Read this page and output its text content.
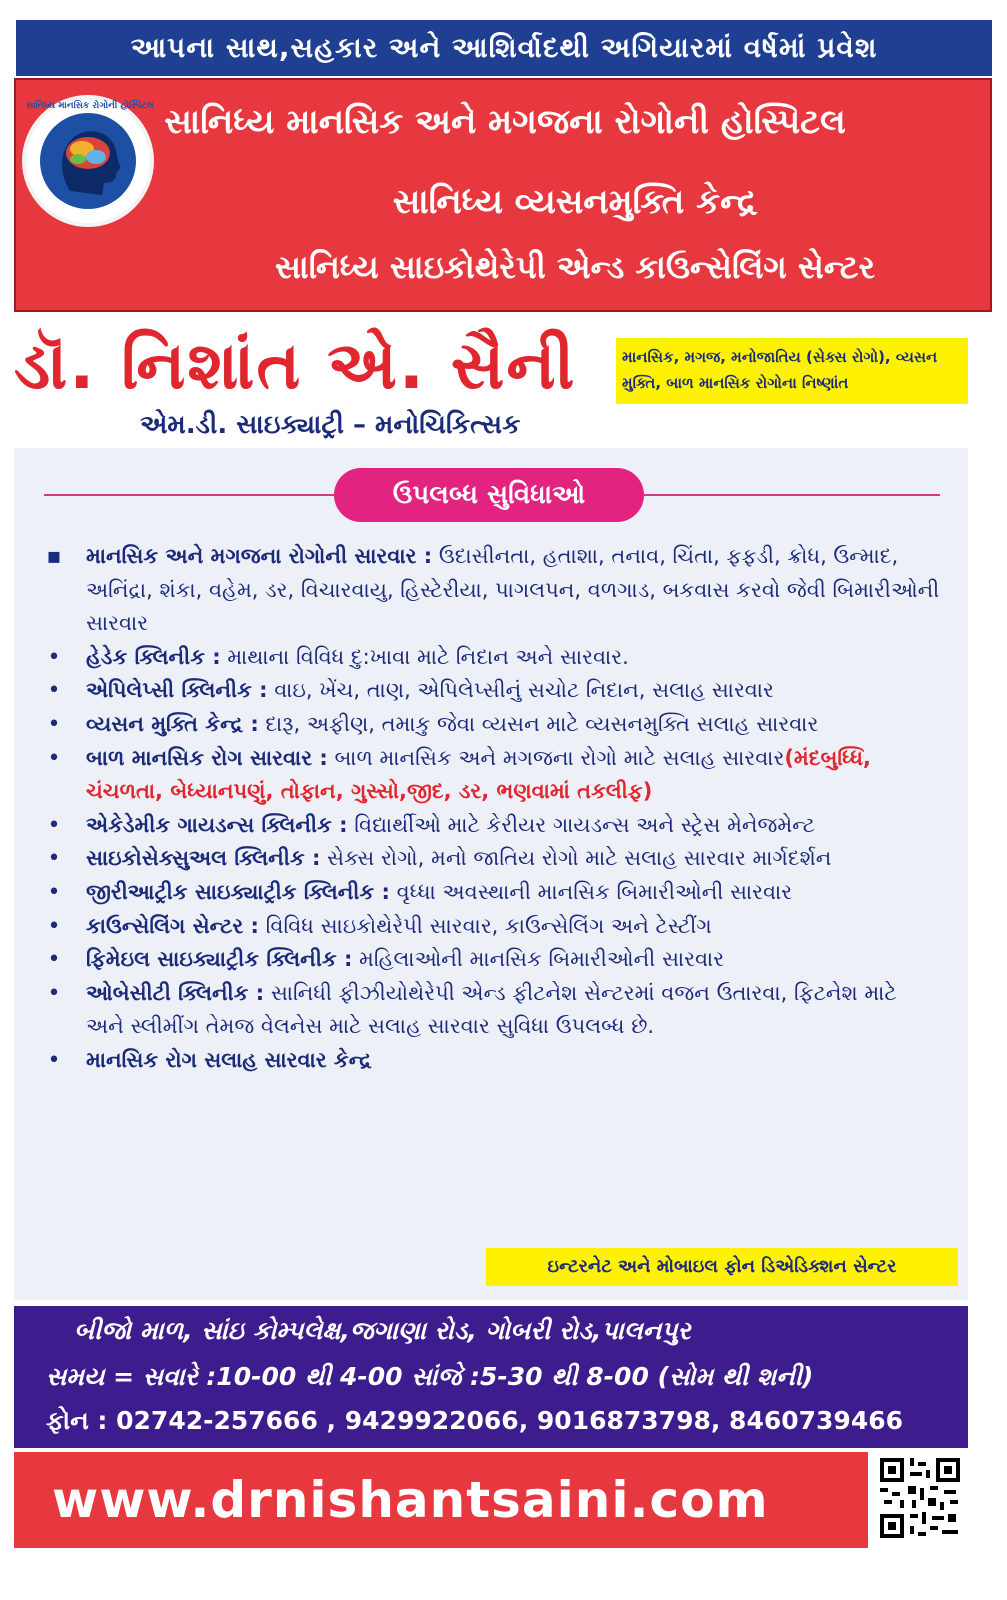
આપના સાથ,સહકાર અને આશિર્વાદથી અગિયારમાં વર્ષમાં પ્રવેશ
સાનિધ્ય માનસિક અને મગજના રોગોની હોસ્પિટલ
સાનિધ્ય વ્યસનમુક્તિ કેન્દ્ર
સાનિધ્ય સાઇકોથેરેપી એન્ડ કાઉન્સેલિંગ સેન્ટર
સાનિધ્ય માનસિક રોગોની હોસ્પિટલ
ડૉ. નિશાંત એ. સૈની	માનસિક, મગજ, મનોજાતિય (સેક્સ રોગો), વ્યસન મુક્તિ, બાળ માનસિક રોગોના નિષ્ણાંત
એમ.ડી. સાઇક્યાટ્રી – મનોચિકિત્સક
ઉપલબ્ધ સુવિધાઓ
▪ માનસિક અને મગજના રોગોની સારવાર : ઉદાસીનતા, હતાશા, તનાવ, ચિંતા, ફફડી, ક્રોધ, ઉન્માદ, અનિંદ્રા, શંકા, વહેમ, ડર, વિચારવાયુ, હિસ્ટેરીયા, પાગલપન, વળગાડ, બકવાસ કરવો જેવી બિમારીઓની સારવાર
• હેડેક ક્લિનીક : માથાના વિવિધ દુ:ખાવા માટે નિદાન અને સારવાર.
• એપિલેપ્સી ક્લિનીક : વાઇ, ખેંચ, તાણ, એપિલેપ્સીનું સચોટ નિદાન, સલાહ સારવાર
• વ્યસન મુક્તિ કેન્દ્ર : દારૂ, અફીણ, તમાકુ જેવા વ્યસન માટે વ્યસનમુક્તિ સલાહ સારવાર
• બાળ માનસિક રોગ સારવાર : બાળ માનસિક અને મગજના રોગો માટે સલાહ સારવાર(મંદબુધ્ધિ, ચંચળતા, બેધ્યાનપણું, તોફાન, ગુસ્સો,જીદ, ડર, ભણવામાં તકલીફ)
• એકેડેમીક ગાયડન્સ ક્લિનીક : વિદ્યાર્થીઓ માટે કેરીયર ગાયડન્સ અને સ્ટ્રેસ મેનેજમેન્ટ
• સાઇકોસેક્સુઅલ ક્લિનીક : સેક્સ રોગો, મનો જાતિય રોગો માટે સલાહ સારવાર માર્ગદર્શન
• જીરીઆટ્રીક સાઇક્યાટ્રીક ક્લિનીક : વૃધ્ધા અવસ્થાની માનસિક બિમારીઓની સારવાર
• કાઉન્સેલિંગ સેન્ટર : વિવિધ સાઇકોથેરેપી સારવાર, કાઉન્સેલિંગ અને ટેસ્ટીંગ
• ફિમેઇલ સાઇક્યાટ્રીક ક્લિનીક : મહિલાઓની માનસિક બિમારીઓની સારવાર
• ઓબેસીટી ક્લિનીક : સાનિધી ફીઝીયોથેરેપી એન્ડ ફીટનેશ સેન્ટરમાં વજન ઉતારવા, ફિટનેશ માટે અને સ્લીમીંગ તેમજ વેલનેસ માટે સલાહ સારવાર સુવિધા ઉપલબ્ધ છે.
• માનસિક રોગ સલાહ સારવાર કેન્દ્ર
ઇન્ટરનેટ અને મોબાઇલ ફોન ડિએડિક્શન સેન્ટર
બીજો માળ, સાંઇ કોમ્પલેક્ષ,જગાણા રોડ, ગોબરી રોડ,પાલનપુર
સમય = સવારે :10-00 થી 4-00 સાંજે :5-30 થી 8-00 (સોમ થી શની)
ફોન : 02742-257666 , 9429922066, 9016873798, 8460739466
www.drnishantsaini.com
